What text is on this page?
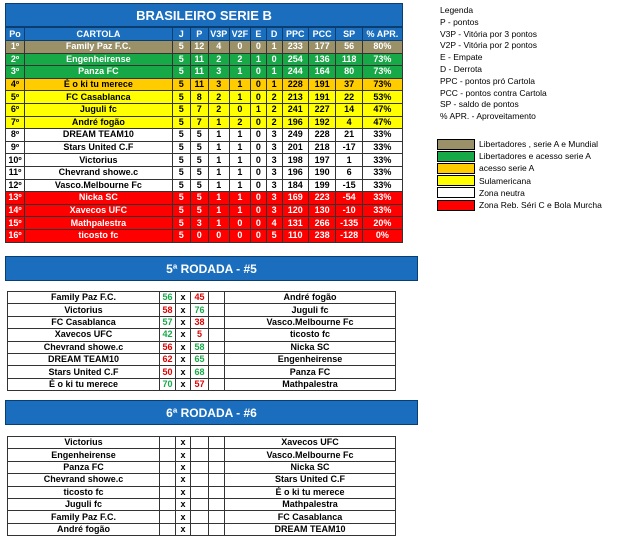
BRASILEIRO SERIE B
Po	CARTOLA	J	P	V3P	V2F	E	D	PPC	PCC	SP	% APR.
1º	Family Paz F.C.	5	12	4	0	0	1	233	177	56	80%
2º	Engenheirense	5	11	2	2	1	0	254	136	118	73%
3º	Panza FC	5	11	3	1	0	1	244	164	80	73%
4º	É o ki tu merece	5	11	3	1	0	1	228	191	37	73%
5º	FC Casablanca	5	8	2	1	0	2	213	191	22	53%
6º	Juguli fc	5	7	2	0	1	2	241	227	14	47%
7º	André fogão	5	7	1	2	0	2	196	192	4	47%
8º	DREAM TEAM10	5	5	1	1	0	3	249	228	21	33%
9º	Stars United C.F	5	5	1	1	0	3	201	218	-17	33%
10º	Victorius	5	5	1	1	0	3	198	197	1	33%
11º	Chevrand showe.c	5	5	1	1	0	3	196	190	6	33%
12º	Vasco.Melbourne Fc	5	5	1	1	0	3	184	199	-15	33%
13º	Nicka SC	5	5	1	1	0	3	169	223	-54	33%
14º	Xavecos UFC	5	5	1	1	0	3	120	130	-10	33%
15º	Mathpalestra	5	3	1	0	0	4	131	266	-135	20%
16º	ticosto fc	5	0	0	0	0	5	110	238	-128	0%
Legenda
P - pontos
V3P - Vitória por 3 pontos
V2P - Vitória por 2 pontos
E - Empate
D - Derrota
PPC - pontos pró Cartola
PCC - pontos contra Cartola
SP - saldo de pontos
% APR. - Aproveitamento
Libertadores , serie A e Mundial
Libertadores e acesso serie A
acesso serie A
Sulamericana
Zona neutra
Zona Reb. Séri C e Bola Murcha
5ª RODADA - #5
Family Paz F.C.	56	x	45		André fogão
Victorius	58	x	76		Juguli fc
FC Casablanca	57	x	38		Vasco.Melbourne Fc
Xavecos UFC	42	x	5		ticosto fc
Chevrand showe.c	56	x	58		Nicka SC
DREAM TEAM10	62	x	65		Engenheirense
Stars United C.F	50	x	68		Panza FC
É o ki tu merece	70	x	57		Mathpalestra
6ª RODADA - #6
Victorius		x			Xavecos UFC
Engenheirense		x			Vasco.Melbourne Fc
Panza FC		x			Nicka SC
Chevrand showe.c		x			Stars United C.F
ticosto fc		x			É o ki tu merece
Juguli fc		x			Mathpalestra
Family Paz F.C.		x			FC Casablanca
André fogão		x			DREAM TEAM10
